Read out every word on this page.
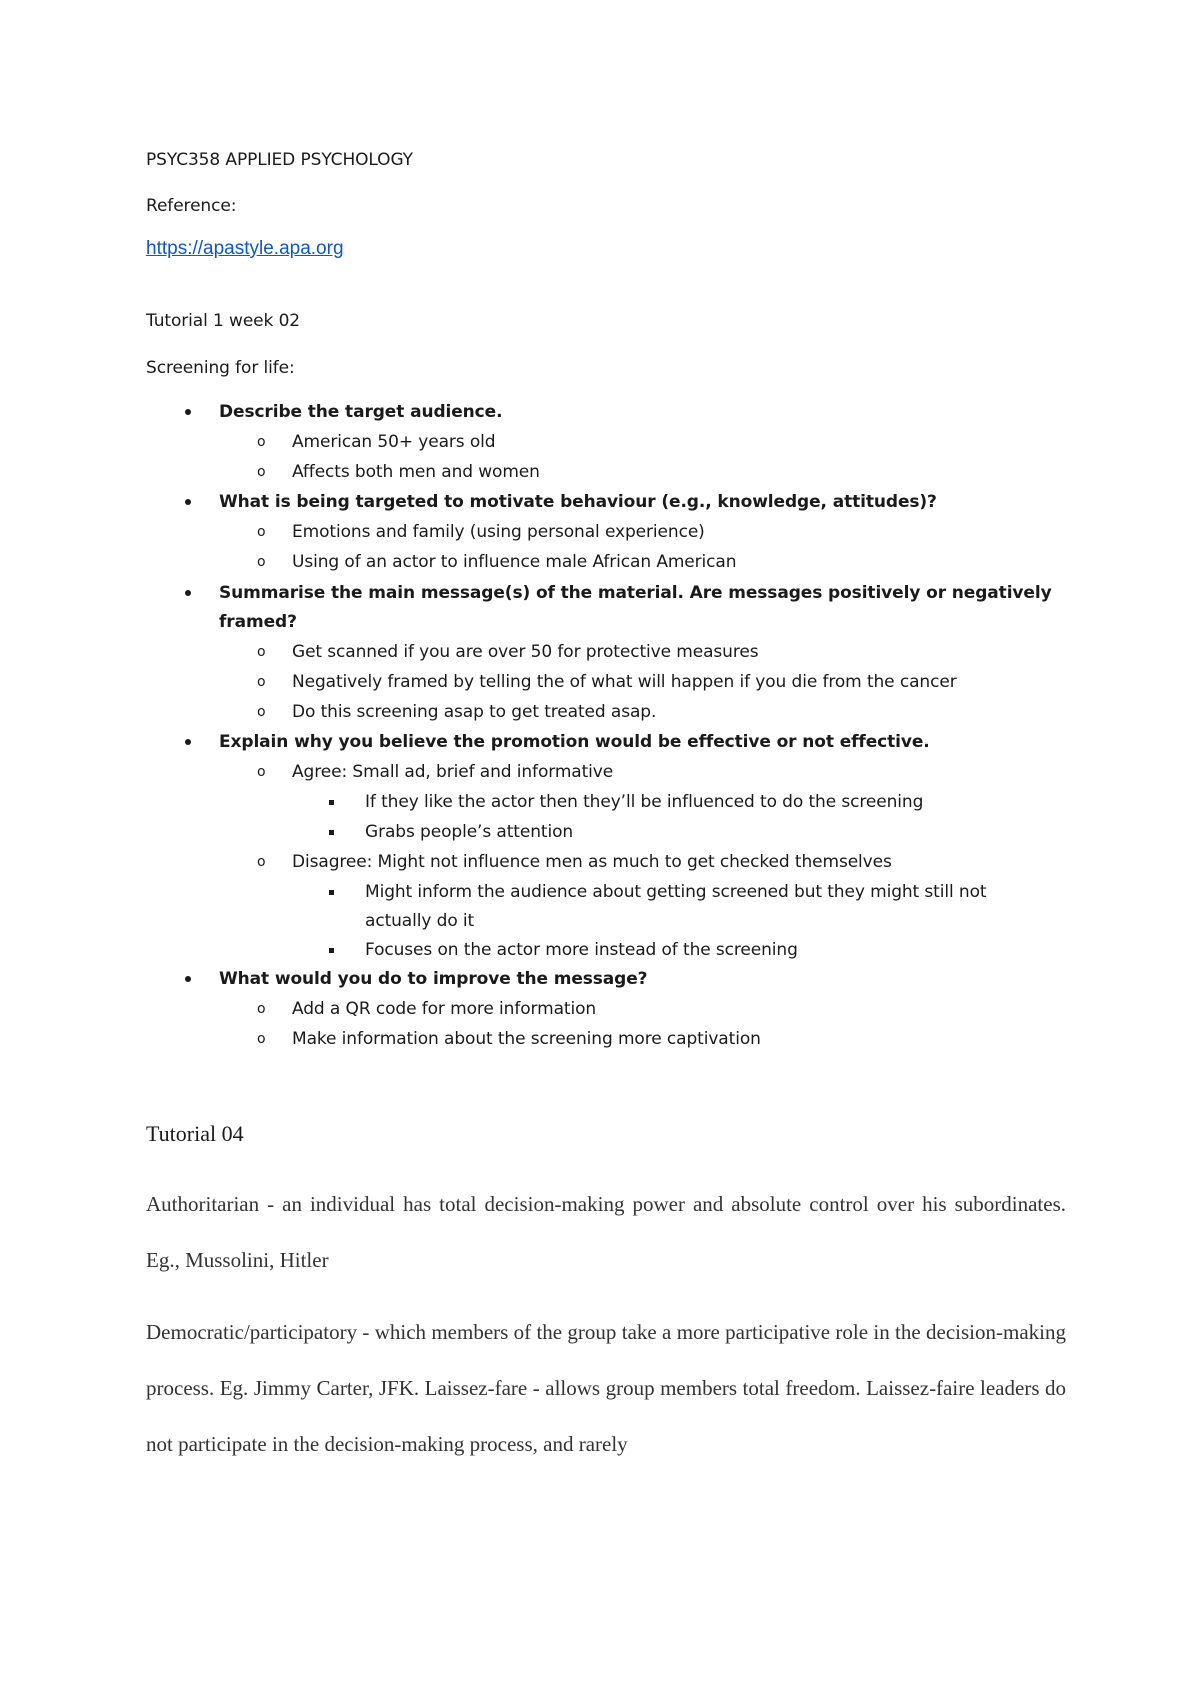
PSYC358 APPLIED PSYCHOLOGY
Reference:
https://apastyle.apa.org
Tutorial 1 week 02
Screening for life:
Describe the target audience.
o American 50+ years old
o Affects both men and women
What is being targeted to motivate behaviour (e.g., knowledge, attitudes)?
o Emotions and family (using personal experience)
o Using of an actor to influence male African American
Summarise the main message(s) of the material. Are messages positively or negatively
framed?
o Get scanned if you are over 50 for protective measures
o Negatively framed by telling the of what will happen if you die from the cancer
o Do this screening asap to get treated asap.
Explain why you believe the promotion would be effective or not effective.
o Agree: Small ad, brief and informative
If they like the actor then they’ll be influenced to do the screening
Grabs people’s attention
o Disagree: Might not influence men as much to get checked themselves
Might inform the audience about getting screened but they might still not
actually do it
Focuses on the actor more instead of the screening
What would you do to improve the message?
o Add a QR code for more information
o Make information about the screening more captivation
Tutorial 04
Authoritarian - an individual has total decision-making power and absolute control over his subordinates. Eg., Mussolini, Hitler
Democratic/participatory - which members of the group take a more participative role in the decision-making process. Eg. Jimmy Carter, JFK. Laissez-fare - allows group members total freedom. Laissez-faire leaders do not participate in the decision-making process, and rarely
